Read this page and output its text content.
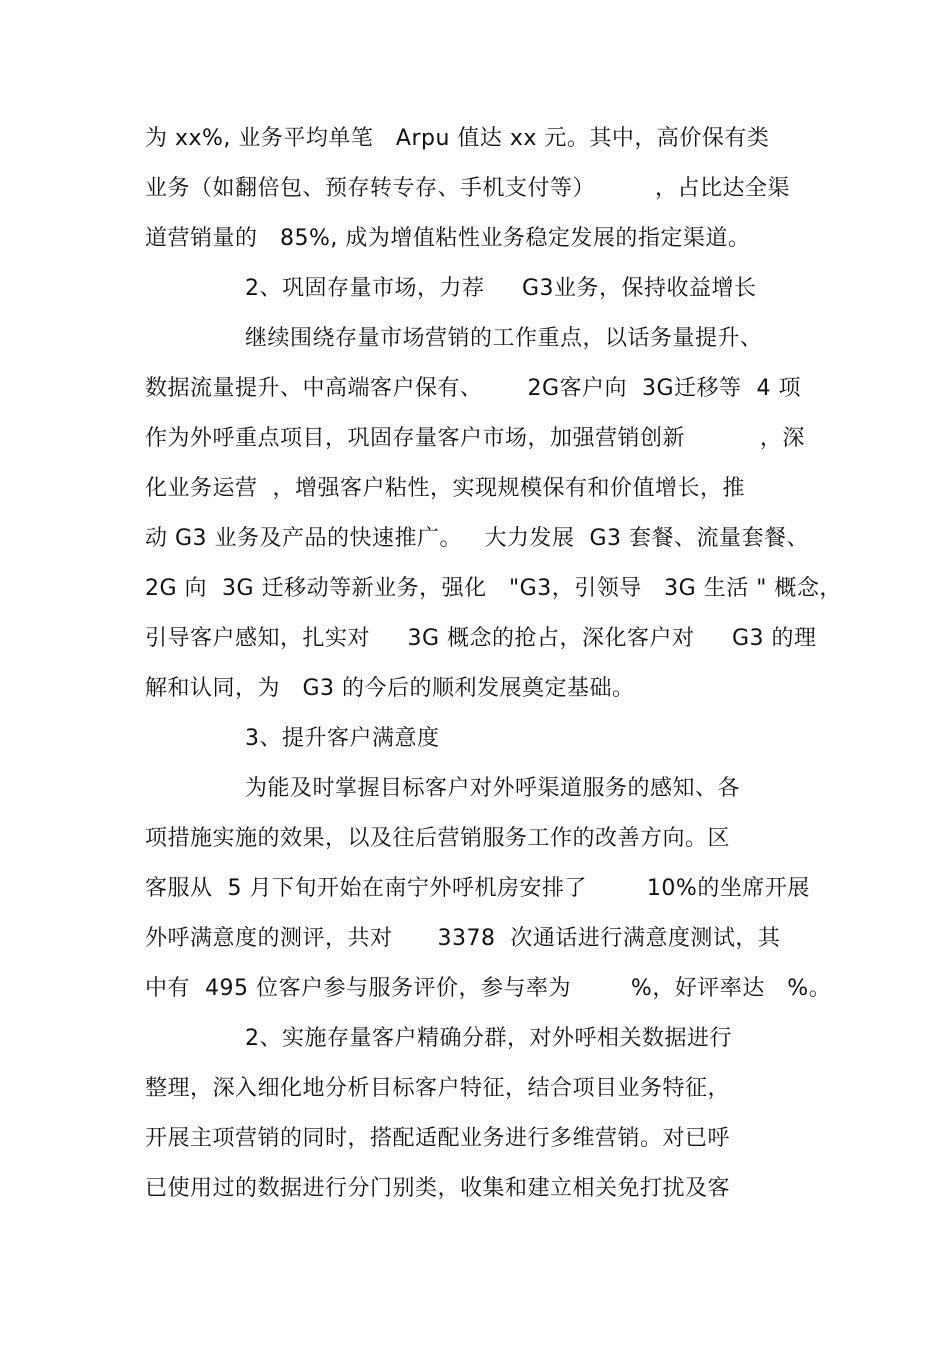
为 xx%, 业务平均单笔   Arpu 值达 xx 元。其中，高价保有类
业务（如翻倍包、预存转专存、手机支付等）        ，占比达全渠
道营销量的   85%, 成为增值粘性业务稳定发展的指定渠道。
2、巩固存量市场，力荐     G3业务，保持收益增长
继续围绕存量市场营销的工作重点，以话务量提升、
数据流量提升、中高端客户保有、      2G客户向  3G迁移等  4 项
作为外呼重点项目，巩固存量客户市场，加强营销创新          ，深
化业务运营  ，增强客户粘性，实现规模保有和价值增长，推
动 G3 业务及产品的快速推广。   大力发展  G3 套餐、流量套餐、
2G 向  3G 迁移动等新业务，强化   "G3，引领导   3G 生活 " 概念，
引导客户感知，扎实对     3G 概念的抢占，深化客户对     G3 的理
解和认同，为   G3 的今后的顺利发展奠定基础。
3、提升客户满意度
为能及时掌握目标客户对外呼渠道服务的感知、各
项措施实施的效果，以及往后营销服务工作的改善方向。区
客服从  5 月下旬开始在南宁外呼机房安排了        10%的坐席开展
外呼满意度的测评，共对      3378  次通话进行满意度测试，其
中有  495 位客户参与服务评价，参与率为        %，好评率达   %。
2、实施存量客户精确分群，对外呼相关数据进行
整理，深入细化地分析目标客户特征，结合项目业务特征，
开展主项营销的同时，搭配适配业务进行多维营销。对已呼
已使用过的数据进行分门别类，收集和建立相关免打扰及客
